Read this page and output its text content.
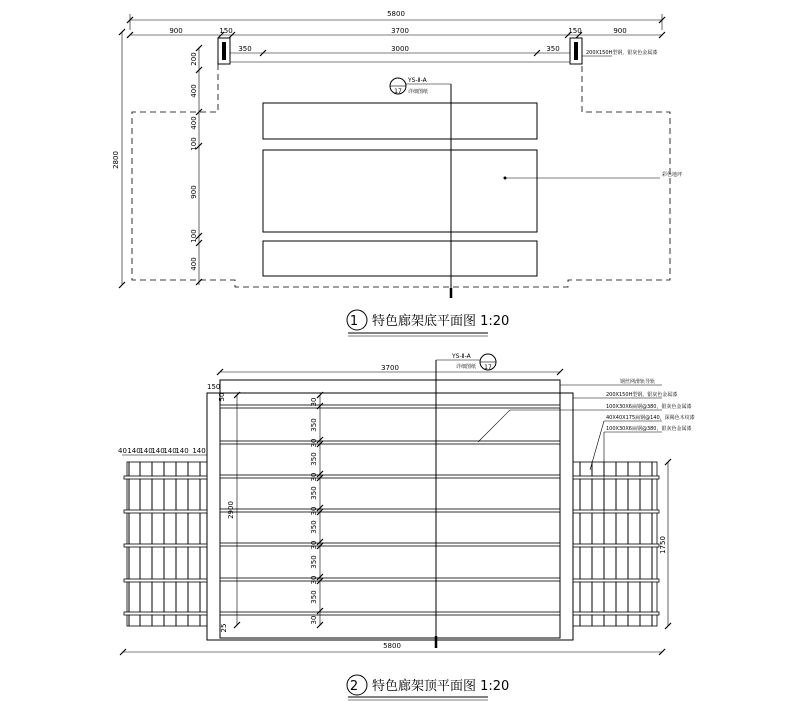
5800
900	150	3700	150	900
350	3000	350
2800
200
400
400
100
900
100
400
17
YS-Ⅱ-A
详细图纸
200X150H型钢，银灰色金属漆
彩色地坪
1 特色廊架底平面图 1:20
3700
150
50
30
350
30
350
30
350
30
350
30
350
30
350
30
2900
25
40 140
140
140
140
140 140
1750
5800
17
YS-Ⅱ-A
详细图纸
钢丝网滑轨导轨
200X150H型钢，银灰色金属漆
100X30X6扁钢@380，银灰色金属漆
40X40X175扁钢@140，深褐色木纹漆
100X30X6扁钢@380，银灰色金属漆
2 特色廊架顶平面图 1:20
